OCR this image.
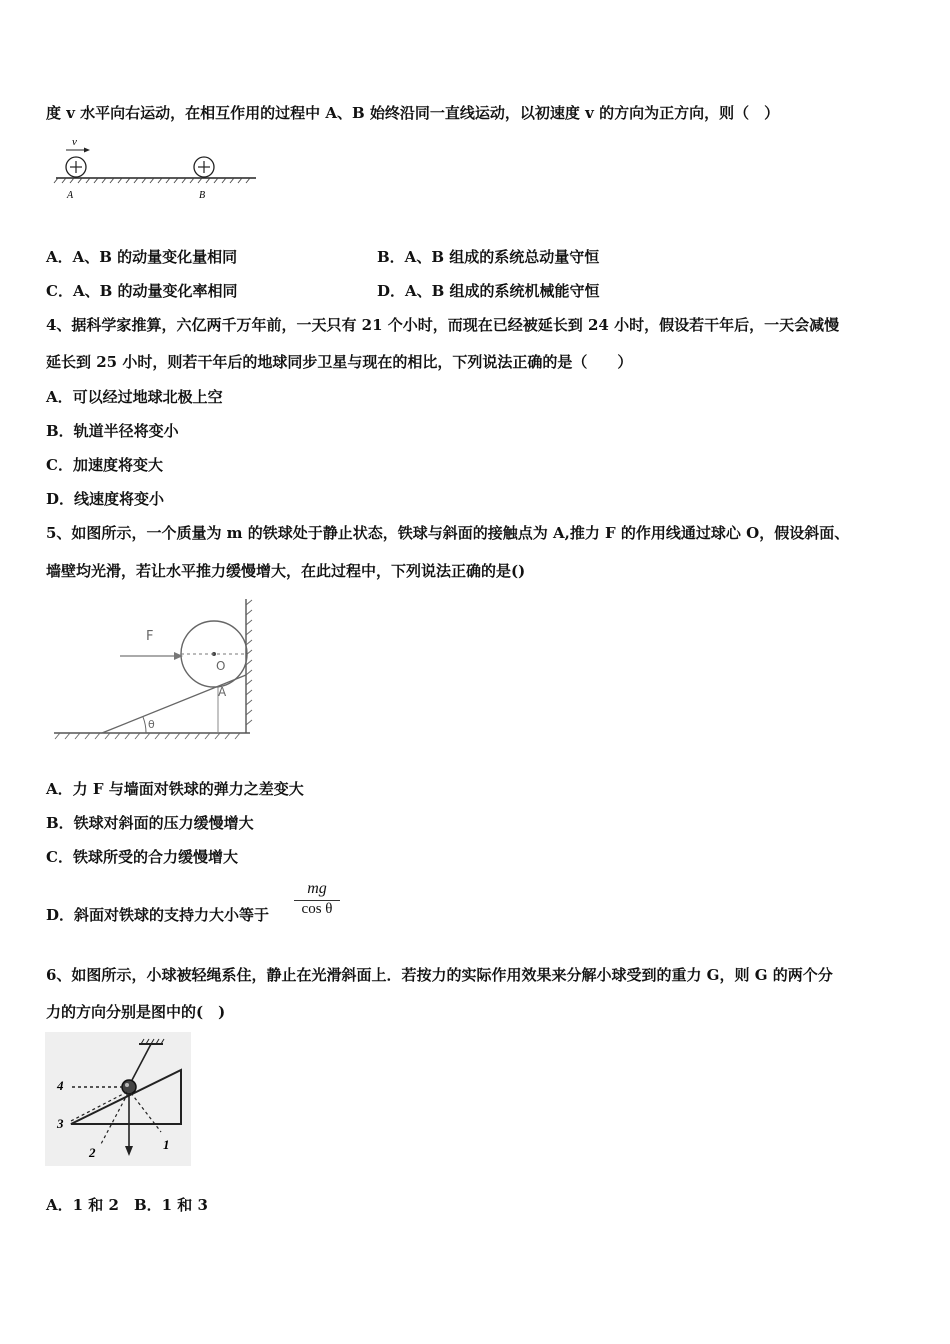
度 v 水平向右运动，在相互作用的过程中 A、B 始终沿同一直线运动，以初速度 v 的方向为正方向，则（　）
v
A	B
A．A、B 的动量变化量相同	B．A、B 组成的系统总动量守恒
C．A、B 的动量变化率相同	D．A、B 组成的系统机械能守恒
4、据科学家推算，六亿两千万年前，一天只有 21 个小时，而现在已经被延长到 24 小时，假设若干年后，一天会减慢
延长到 25 小时，则若干年后的地球同步卫星与现在的相比，下列说法正确的是（　　）
A．可以经过地球北极上空
B．轨道半径将变小
C．加速度将变大
D．线速度将变小
5、如图所示，一个质量为 m 的铁球处于静止状态，铁球与斜面的接触点为 A,推力 F 的作用线通过球心 O，假设斜面、
墙壁均光滑，若让水平推力缓慢增大，在此过程中，下列说法正确的是()
F
O
A
θ
A．力 F 与墙面对铁球的弹力之差变大
B．铁球对斜面的压力缓慢增大
C．铁球所受的合力缓慢增大
D．斜面对铁球的支持力大小等于 $\frac{mg}{\text{cos θ}}$
6、如图所示，小球被轻绳系住，静止在光滑斜面上．若按力的实际作用效果来分解小球受到的重力 G，则 G 的两个分
力的方向分别是图中的(　)
4
3
2
1
A．1 和 2　B．1 和 3
